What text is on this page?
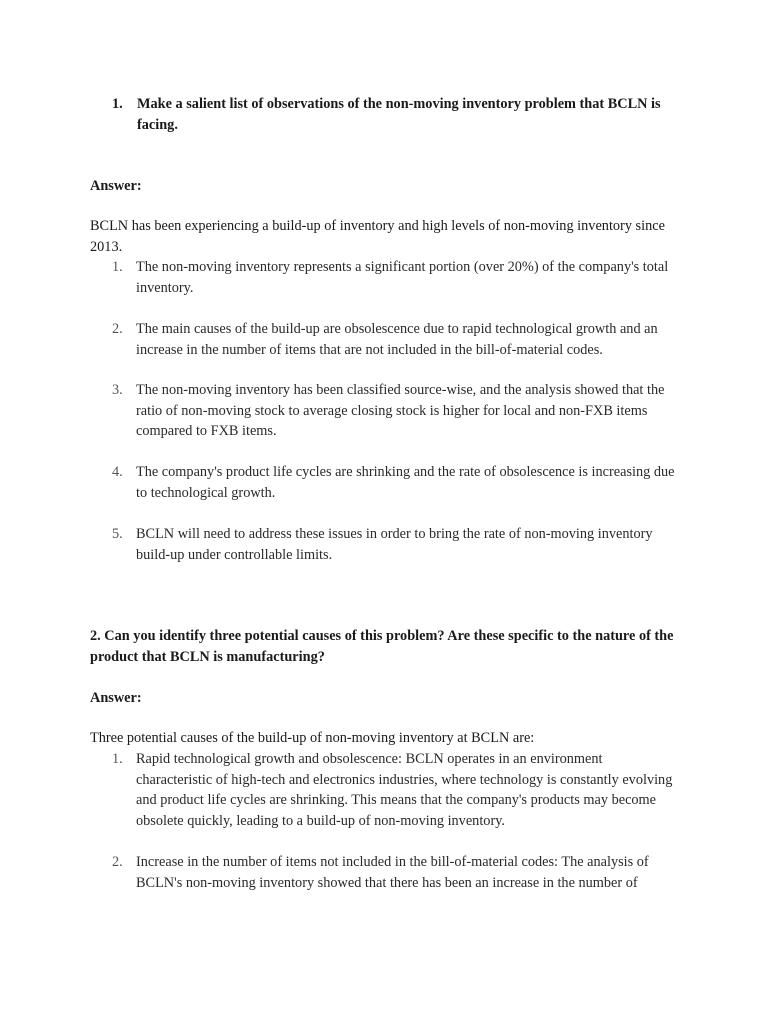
1. Make a salient list of observations of the non-moving inventory problem that BCLN is facing.
Answer:
BCLN has been experiencing a build-up of inventory and high levels of non-moving inventory since 2013.
1. The non-moving inventory represents a significant portion (over 20%) of the company's total inventory.
2. The main causes of the build-up are obsolescence due to rapid technological growth and an increase in the number of items that are not included in the bill-of-material codes.
3. The non-moving inventory has been classified source-wise, and the analysis showed that the ratio of non-moving stock to average closing stock is higher for local and non-FXB items compared to FXB items.
4. The company's product life cycles are shrinking and the rate of obsolescence is increasing due to technological growth.
5. BCLN will need to address these issues in order to bring the rate of non-moving inventory build-up under controllable limits.
2. Can you identify three potential causes of this problem? Are these specific to the nature of the product that BCLN is manufacturing?
Answer:
Three potential causes of the build-up of non-moving inventory at BCLN are:
1. Rapid technological growth and obsolescence: BCLN operates in an environment characteristic of high-tech and electronics industries, where technology is constantly evolving and product life cycles are shrinking. This means that the company's products may become obsolete quickly, leading to a build-up of non-moving inventory.
2. Increase in the number of items not included in the bill-of-material codes: The analysis of BCLN's non-moving inventory showed that there has been an increase in the number of
